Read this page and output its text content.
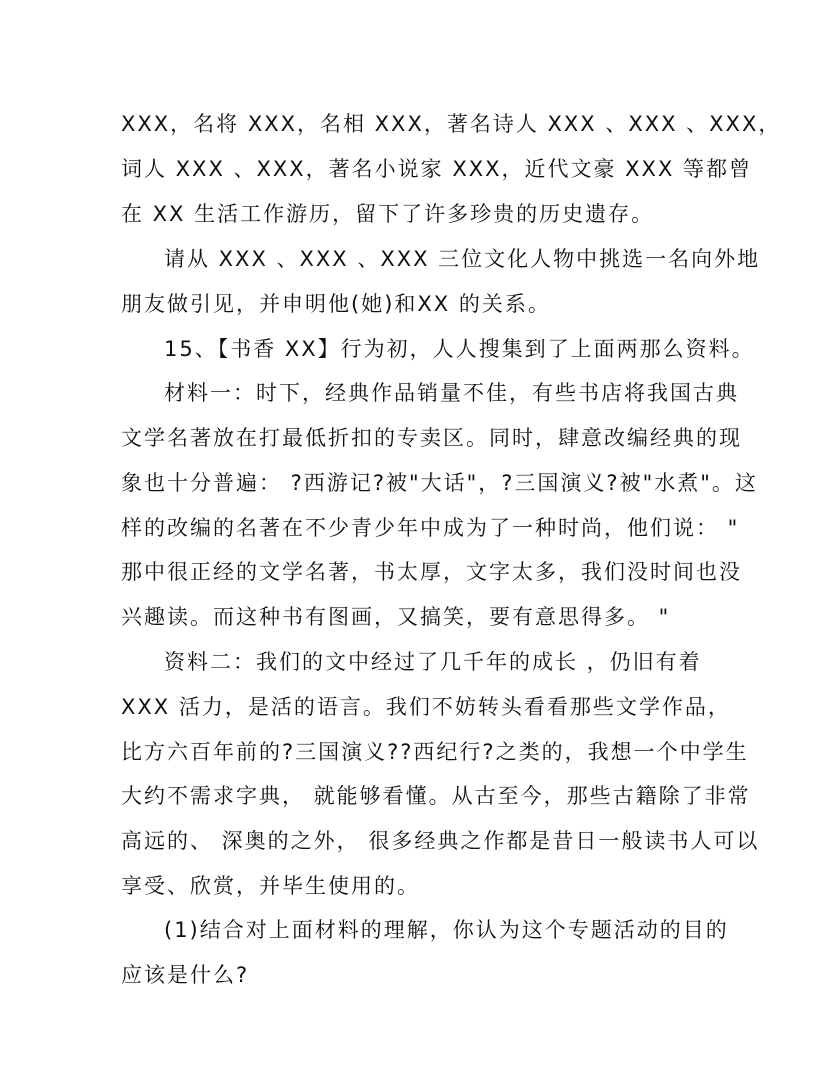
XXX，名将 XXX，名相 XXX，著名诗人 XXX 、XXX 、XXX，
词人 XXX 、XXX，著名小说家 XXX，近代文豪 XXX 等都曾
在 XX 生活工作游历，留下了许多珍贵的历史遗存。
请从 XXX 、XXX 、XXX 三位文化人物中挑选一名向外地
朋友做引见，并申明他(她)和XX 的关系。
15、【书香 XX】行为初，人人搜集到了上面两那么资料。
材料一：时下，经典作品销量不佳，有些书店将我国古典
文学名著放在打最低折扣的专卖区。同时，肆意改编经典的现
象也十分普遍： ?西游记?被"大话"，?三国演义?被"水煮"。这
样的改编的名著在不少青少年中成为了一种时尚，他们说： "
那中很正经的文学名著，书太厚，文字太多，我们没时间也没
兴趣读。而这种书有图画，又搞笑，要有意思得多。 "
资料二：我们的文中经过了几千年的成长 ，仍旧有着
XXX 活力，是活的语言。我们不妨转头看看那些文学作品，
比方六百年前的?三国演义??西纪行?之类的，我想一个中学生
大约不需求字典， 就能够看懂。从古至今，那些古籍除了非常
高远的、 深奥的之外， 很多经典之作都是昔日一般读书人可以
享受、欣赏，并毕生使用的。
(1)结合对上面材料的理解，你认为这个专题活动的目的
应该是什么?
